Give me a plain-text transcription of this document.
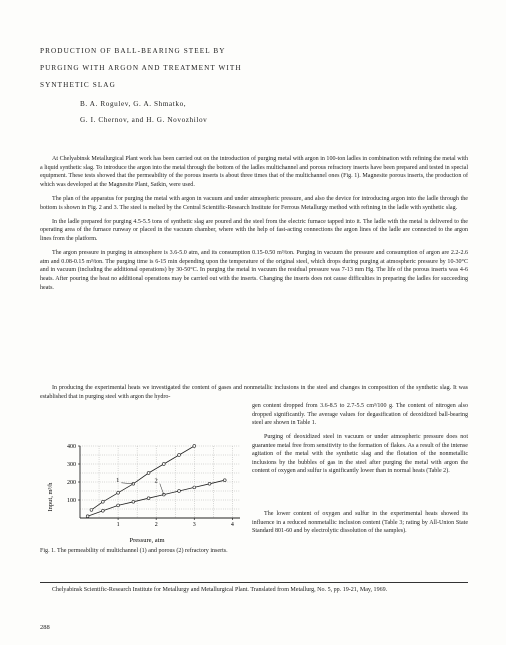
PRODUCTION OF BALL-BEARING STEEL BY
PURGING WITH ARGON AND TREATMENT WITH
SYNTHETIC SLAG
B. A. Rogulev, G. A. Shmatko,
G. I. Chernov, and H. G. Novozhilov

At Chelyabinsk Metallurgical Plant work has been carried out on the introduction of purging metal with argon in 100-ton ladles in combination with refining the metal with a liquid synthetic slag. To introduce the argon into the metal through the bottom of the ladles multichannel and porous refractory inserts have been prepared and tested in special equipment. These tests showed that the permeability of the porous inserts is about three times that of the multichannel ones (Fig. 1). Magnesite porous inserts, the production of which was developed at the Magnesite Plant, Satkin, were used.

The plan of the apparatus for purging the metal with argon in vacuum and under atmospheric pressure, and also the device for introducing argon into the ladle through the bottom is shown in Fig. 2 and 3. The steel is melted by the Central Scientific-Research Institute for Ferrous Metallurgy method with refining in the ladle with synthetic slag.

In the ladle prepared for purging 4.5-5.5 tons of synthetic slag are poured and the steel from the electric furnace tapped into it. The ladle with the metal is delivered to the operating area of the furnace runway or placed in the vacuum chamber, where with the help of fast-acting connections the argon lines of the ladle are connected to the argon lines from the platform.

The argon pressure in purging in atmosphere is 3.6-5.0 atm, and its consumption 0.15-0.50 m³/ton. Purging in vacuum the pressure and consumption of argon are 2.2-2.6 atm and 0.08-0.15 m³/ton. The purging time is 6-15 min depending upon the temperature of the original steel, which drops during purging at atmospheric pressure by 10-30°C and in vacuum (including the additional operations) by 30-50°C. In purging the metal in vacuum the residual pressure was 7-13 mm Hg. The life of the porous inserts was 4-6 heats. After pouring the heat no additional operations may be carried out with the inserts. Changing the inserts does not cause difficulties in preparing the ladles for succeeding heats.

In producing the experimental heats we investigated the content of gases and nonmetallic inclusions in the steel and changes in composition of the synthetic slag. It was established that in purging steel with argon the hydro-

gen content dropped from 3.6-8.5 to 2.7-5.5 cm³/100 g. The content of nitrogen also dropped significantly. The average values for degasification of deoxidized ball-bearing steel are shown in Table 1.

Purging of deoxidized steel in vacuum or under atmospheric pressure does not guarantee metal free from sensitivity to the formation of flakes. As a result of the intense agitation of the metal with the synthetic slag and the flotation of the nonmetallic inclusions by the bubbles of gas in the steel after purging the metal with argon the content of oxygen and sulfur is significantly lower than in normal heats (Table 2).

The lower content of oxygen and sulfur in the experimental heats showed its influence in a reduced nonmetallic inclusion content (Table 3; rating by All-Union State Standard 801-60 and by electrolytic dissolution of the samples).

100
200
300
400
1	2	3	4
1	2
Pressure, atm
Input, m³/h
Fig. 1. The permeability of multichannel (1) and porous (2) refractory inserts.
Chelyabinsk Scientific-Research Institute for Metallurgy and Metallurgical Plant. Translated from Metallurg, No. 5, pp. 19-21, May, 1969.
288
